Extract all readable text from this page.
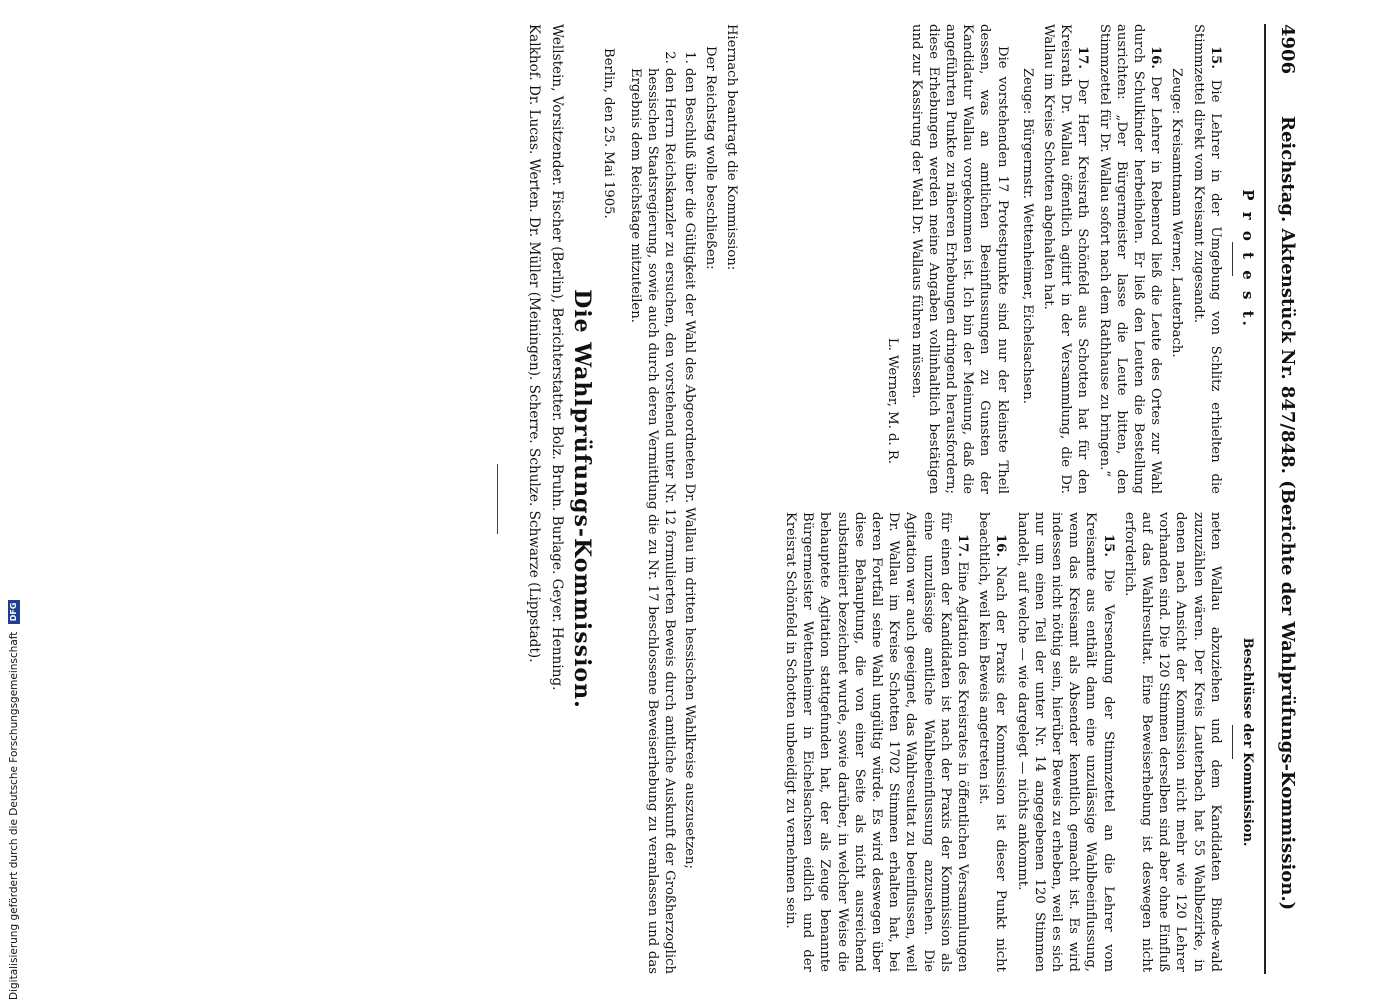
4906
Reichstag. Aktenstück Nr. 847/848. (Berichte der Wahlprüfungs-Kommission.)
P r o t e s t.

15. Die Lehrer in der Umgebung von Schlitz erhielten die Stimmzettel direkt vom Kreisamt zugesandt.

Zeuge: Kreisamtmann Werner, Lauterbach.

16. Der Lehrer in Rebenrod ließ die Leute des Ortes zur Wahl durch Schulkinder herbeiholen. Er ließ den Leuten die Bestellung ausrichten: „Der Bürgermeister lasse die Leute bitten, den Stimmzettel für Dr. Wallau sofort nach dem Rathhause zu bringen.“

17. Der Herr Kreisrath Schönfeld aus Schotten hat für den Kreisrath Dr. Wallau öffentlich agitirt in der Versammlung, die Dr. Wallau im Kreise Schotten abgehalten hat.

Zeuge: Bürgermstr. Wettenheimer, Eichelsachsen.

Die vorstehenden 17 Protestpunkte sind nur der kleinste Theil dessen, was an amtlichen Beeinflussungen zu Gunsten der Kandidatur Wallau vorgekommen ist. Ich bin der Meinung, daß die angeführten Punkte zu näheren Erhebungen dringend herausfordern; diese Erhebungen werden meine Angaben vollinhaltlich bestätigen und zur Kassirung der Wahl Dr. Wallaus führen müssen.

L. Werner, M. d. R.

Beschlüsse der Kommission.

neten Wallau abzuziehen und dem Kandidaten Binde-wald zuzuzählen wären. Der Kreis Lauterbach hat 55 Wahlbezirke, in denen nach Ansicht der Kommission nicht mehr wie 120 Lehrer vorhanden sind. Die 120 Stimmen derselben sind aber ohne Einfluß auf das Wahlresultat. Eine Beweiserhebung ist deswegen nicht erforderlich.

15. Die Versendung der Stimmzettel an die Lehrer vom Kreisamte aus enthält dann eine unzulässige Wahlbeeinflussung, wenn das Kreisamt als Absender kenntlich gemacht ist. Es wird indessen nicht nöthig sein, hierüber Beweis zu erheben, weil es sich nur um einen Teil der unter Nr. 14 angegebenen 120 Stimmen handelt, auf welche — wie dargelegt — nichts ankommt.

16. Nach der Praxis der Kommission ist dieser Punkt nicht beachtlich, weil kein Beweis angetreten ist.

17. Eine Agitation des Kreisrates in öffentlichen Versammlungen für einen der Kandidaten ist nach der Praxis der Kommission als eine unzulässige amtliche Wahlbeeinflussung anzusehen. Die Agitation war auch geeignet, das Wahlresultat zu beeinflussen, weil Dr. Wallau im Kreise Schotten 1702 Stimmen erhalten hat, bei deren Fortfall seine Wahl ungültig würde. Es wird deswegen über diese Behauptung, die von einer Seite als nicht ausreichend substantiiert bezeichnet wurde, sowie darüber, in welcher Weise die behauptete Agitation stattgefunden hat, der als Zeuge benannte Bürgermeister Wettenheimer in Eichelsachsen eidlich und der Kreisrat Schönfeld in Schotten unbeeidigt zu vernehmen sein.

Hiernach beantragt die Kommission:

Der Reichstag wolle beschließen:

1. den Beschluß über die Gültigkeit der Wahl des Abgeordneten Dr. Wallau im dritten hessischen Wahlkreise auszusetzen;
2. den Herrn Reichskanzler zu ersuchen, den vorstehend unter Nr. 12 formulierten Beweis durch amtliche Auskunft der Großherzoglich hessischen Staatsregierung, sowie auch durch deren Vermittlung die zu Nr. 17 beschlossene Beweiserhebung zu veranlassen und das Ergebnis dem Reichstage mitzuteilen.

Berlin, den 25. Mai 1905.

Die Wahlprüfungs-Kommission.

Wellstein, Vorsitzender. Fischer (Berlin), Berichterstatter. Bolz. Bruhn. Burlage. Geyer. Henning.

Kalkhof. Dr. Lucas. Werten. Dr. Müller (Meiningen). Scherre. Schulze. Schwarze (Lippstadt).

Digitalisierung gefördert durch die Deutsche Forschungsgemeinschaft DFG
